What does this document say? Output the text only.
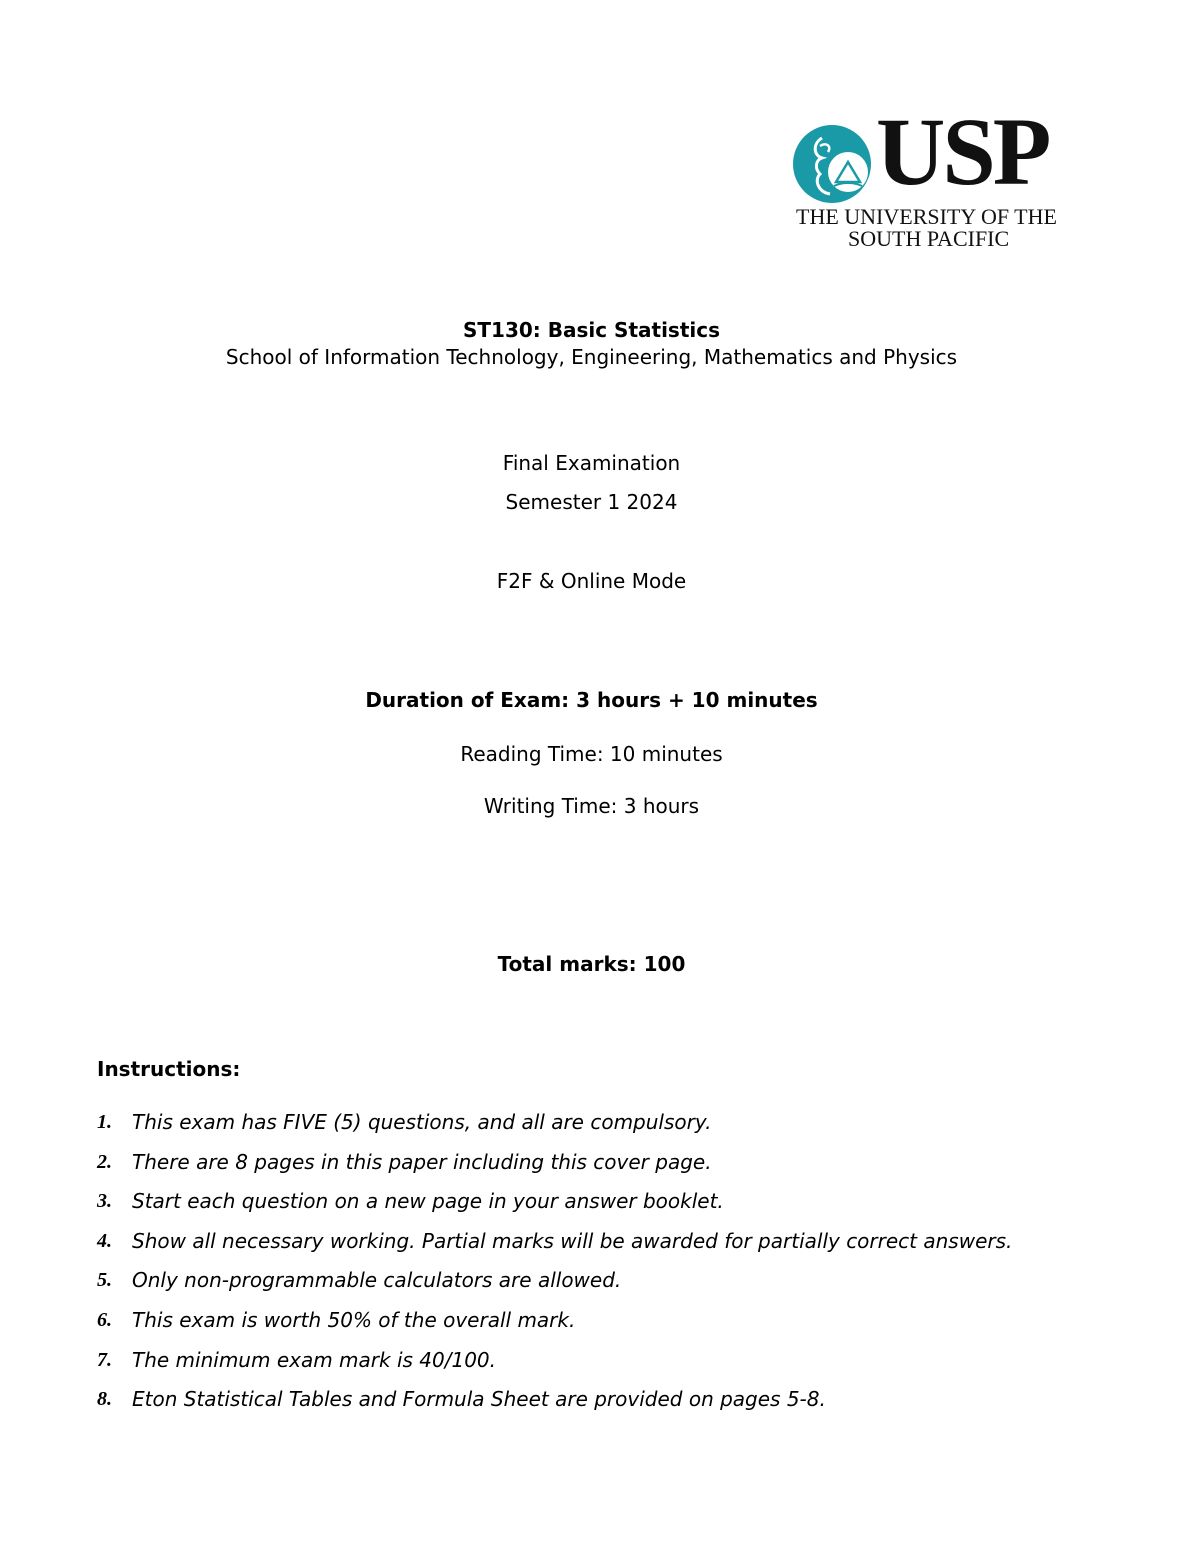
USP
THE UNIVERSITY OF THE
SOUTH PACIFIC
ST130: Basic Statistics
School of Information Technology, Engineering, Mathematics and Physics
Final Examination
Semester 1 2024
F2F & Online Mode
Duration of Exam: 3 hours + 10 minutes
Reading Time: 10 minutes
Writing Time: 3 hours
Total marks: 100
Instructions:
1.	This exam has FIVE (5) questions, and all are compulsory.
2.	There are 8 pages in this paper including this cover page.
3.	Start each question on a new page in your answer booklet.
4.	Show all necessary working. Partial marks will be awarded for partially correct answers.
5.	Only non-programmable calculators are allowed.
6.	This exam is worth 50% of the overall mark.
7.	The minimum exam mark is 40/100.
8.	Eton Statistical Tables and Formula Sheet are provided on pages 5-8.
